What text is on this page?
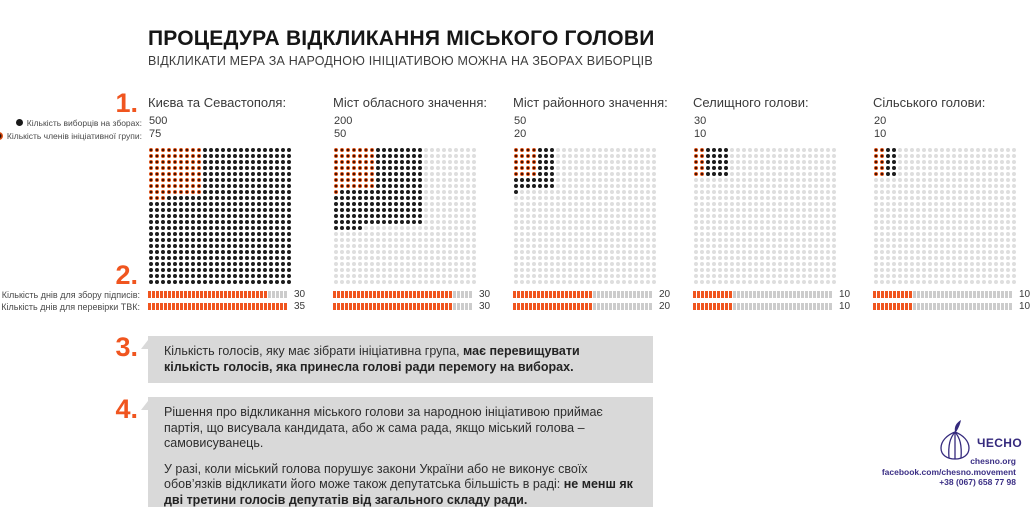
ПРОЦЕДУРА ВІДКЛИКАННЯ МІСЬКОГО ГОЛОВИ
ВІДКЛИКАТИ МЕРА ЗА НАРОДНОЮ ІНІЦІАТИВОЮ МОЖНА НА ЗБОРАХ ВИБОРЦІВ
1.
2.
3.
4.
Кількість виборців на зборах:
Кількість членів ініціативної групи:
Кількість днів для збору підписів:
Кількість днів для перевірки ТВК:
Києва та Севастополя:
500
75
30
35
Міст обласного значення:
200
50
30
30
Міст районного значення:
50
20
20
20
Селищного голови:
30
10
10
10
Сільського голови:
20
10
10
10

Кількість голосів, яку має зібрати ініціативна група, має перевищувати кількість голосів, яка принесла голові ради перемогу на виборах.

Рішення про відкликання міського голови за народною ініціативою приймає партія, що висувала кандидата, або ж сама рада, якщо міський голова – самовисуванець.

У разі, коли міський голова порушує закони України або не виконує своїх обов’язків відкликати його може також депутатська більшість в раді: не менш як дві третини голосів депутатів від загального складу ради.

ЧЕСНО
chesno.org
facebook.com/chesno.movement
+38 (067) 658 77 98
